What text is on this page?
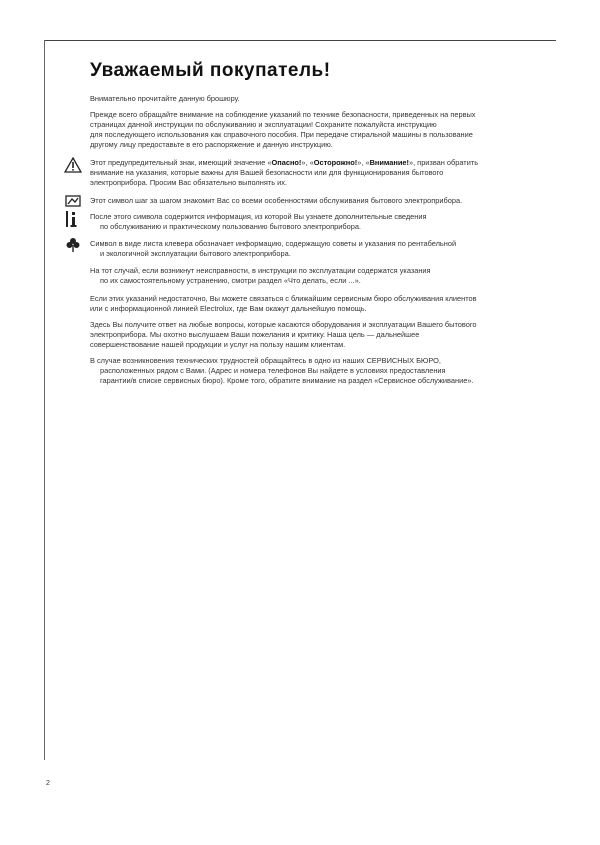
Уважаемый покупатель!
Внимательно прочитайте данную брошюру.
Прежде всего обращайте внимание на соблюдение указаний по технике безопасности, приведенных на первых
страницах данной инструкции по обслуживанию и эксплуатации! Сохраните пожалуйста инструкцию
для последующего использования как справочного пособия. При передаче стиральной машины в пользование
другому лицу предоставьте в его распоряжение и данную инструкцию.
Этот предупредительный знак, имеющий значение «Опасно!», «Осторожно!», «Внимание!», призван обратить
внимание на указания, которые важны для Вашей безопасности или для функционирования бытового
электроприбора. Просим Вас обязательно выполнять их.
Этот символ шаг за шагом знакомит Вас со всеми особенностями обслуживания бытового электроприбора.
После этого символа содержится информация, из которой Вы узнаете дополнительные сведения
по обслуживанию и практическому пользованию бытового электроприбора.
Символ в виде листа клевера обозначает информацию, содержащую советы и указания по рентабельной
и экологичной эксплуатации бытового электроприбора.
На тот случай, если возникнут неисправности, в инструкции по эксплуатации содержатся указания
по их самостоятельному устранению, смотри раздел «Что делать, если ...».
Если этих указаний недостаточно, Вы можете связаться с ближайшим сервисным бюро обслуживания клиентов
или с информационной линией Electrolux, где Вам окажут дальнейшую помощь.
Здесь Вы получите ответ на любые вопросы, которые касаются оборудования и эксплуатации Вашего бытового
электроприбора. Мы охотно выслушаем Ваши пожелания и критику. Наша цель — дальнейшее
совершенствование нашей продукции и услуг на пользу нашим клиентам.
В случае возникновения технических трудностей обращайтесь в одно из наших СЕРВИСНЫХ БЮРО,
расположенных рядом с Вами. (Адрес и номера телефонов Вы найдете в условиях предоставления
гарантии/в списке сервисных бюро). Кроме того, обратите внимание на раздел «Сервисное обслуживание».
2
